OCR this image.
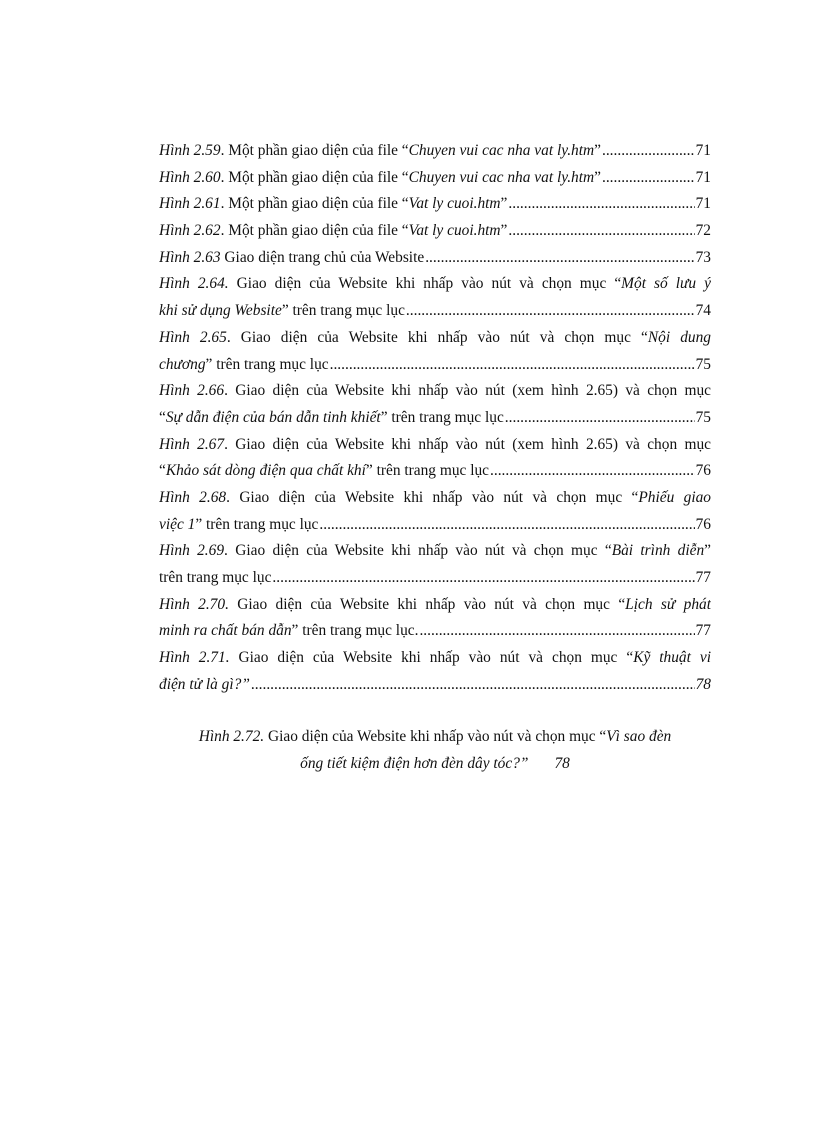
Hình 2.59. Một phần giao diện của file “Chuyen vui cac nha vat ly.htm” .....	71
Hình 2.60. Một phần giao diện của file “Chuyen vui cac nha vat ly.htm” .....	71
Hình 2.61. Một phần giao diện của file “Vat ly cuoi.htm” .....	71
Hình 2.62. Một phần giao diện của file “Vat ly cuoi.htm” .....	72
Hình 2.63 Giao diện trang chủ của Website .....	73
Hình 2.64. Giao diện của Website khi nhấp vào nút và chọn mục “Một số lưu ý
khi sử dụng Website” trên trang mục lục .....	74
Hình 2.65. Giao diện của Website khi nhấp vào nút và chọn mục “Nội dung
chương” trên trang mục lục .....	75
Hình 2.66. Giao diện của Website khi nhấp vào nút (xem hình 2.65) và chọn mục
“Sự dẫn điện của bán dẫn tinh khiết” trên trang mục lục .....	75
Hình 2.67. Giao diện của Website khi nhấp vào nút (xem hình 2.65) và chọn mục
“Khảo sát dòng điện qua chất khí” trên trang mục lục .....	76
Hình 2.68. Giao diện của Website khi nhấp vào nút và chọn mục “Phiếu giao
việc 1” trên trang mục lục .....	76
Hình 2.69. Giao diện của Website khi nhấp vào nút và chọn mục “Bài trình diễn”
trên trang mục lục .....	77
Hình 2.70. Giao diện của Website khi nhấp vào nút và chọn mục “Lịch sử phát
minh ra chất bán dẫn” trên trang mục lục. .....	77
Hình 2.71. Giao diện của Website khi nhấp vào nút và chọn mục “Kỹ thuật vi
điện tử là gì?” .....	78
Hình 2.72. Giao diện của Website khi nhấp vào nút và chọn mục “Vì sao đèn
ống tiết kiệm điện hơn đèn dây tóc?” 78
